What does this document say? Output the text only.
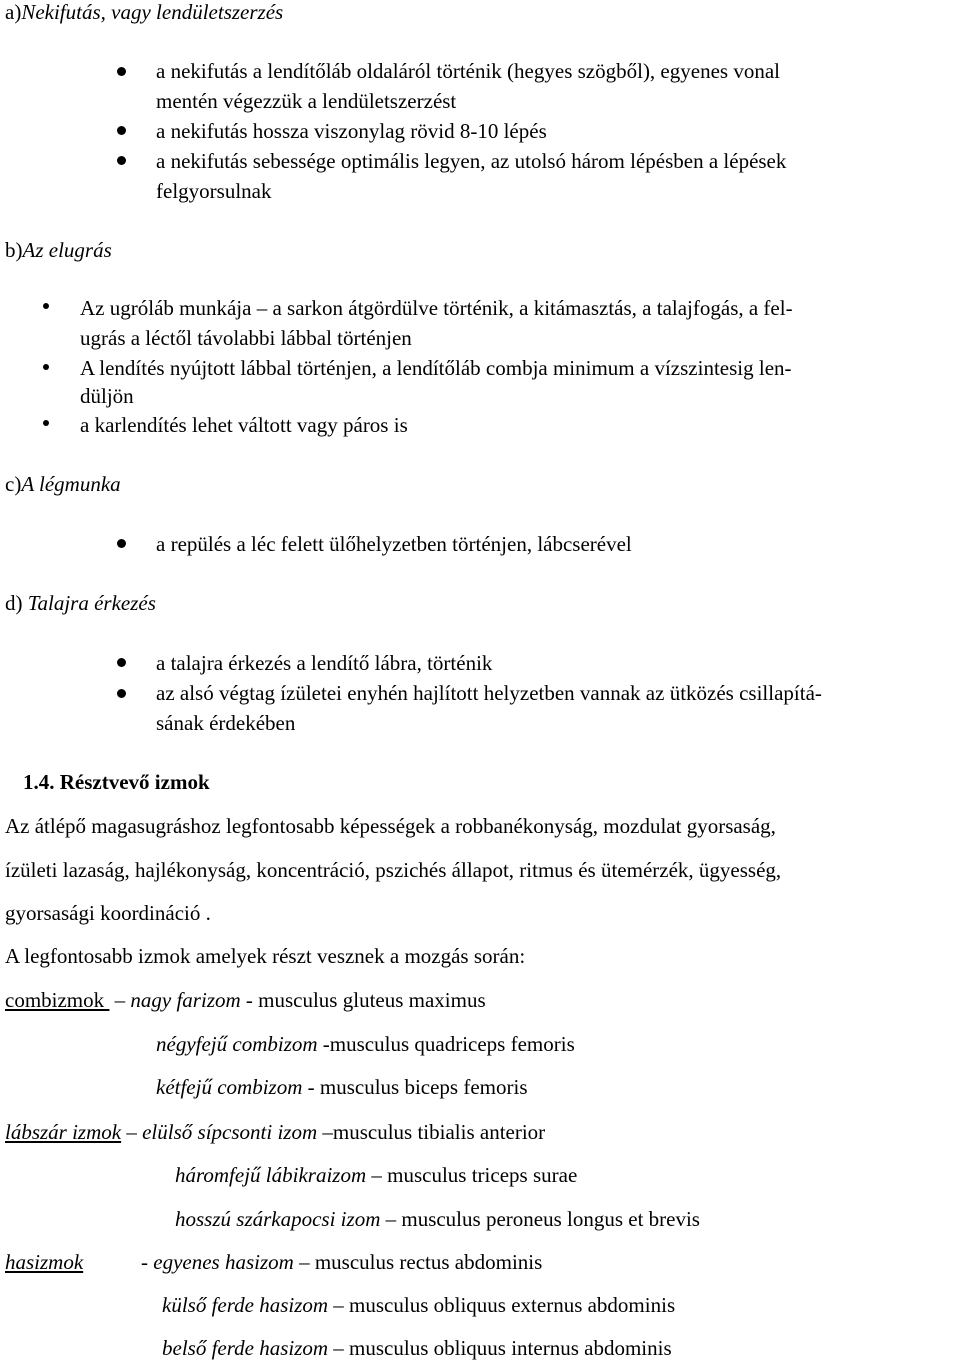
a)Nekifutás, vagy lendületszerzés
a nekifutás a lendítőláb oldaláról történik (hegyes szögből), egyenes vonal
mentén végezzük a lendületszerzést
a nekifutás hossza viszonylag rövid 8-10 lépés
a nekifutás sebessége optimális legyen, az utolsó három lépésben a lépések
felgyorsulnak
b)Az elugrás
Az ugróláb munkája – a sarkon átgördülve történik, a kitámasztás, a talajfogás, a fel-
ugrás a léctől távolabbi lábbal történjen
A lendítés nyújtott lábbal történjen, a lendítőláb combja minimum a vízszintesig len-
düljön
a karlendítés lehet váltott vagy páros is
c)A légmunka
a repülés a léc felett ülőhelyzetben történjen, lábcserével
d) Talajra érkezés
a talajra érkezés a lendítő lábra, történik
az alsó végtag ízületei enyhén hajlított helyzetben vannak az ütközés csillapítá-
sának érdekében
1.4. Résztvevő izmok
Az átlépő magasugráshoz legfontosabb képességek a robbanékonyság, mozdulat gyorsaság,
ízületi lazaság, hajlékonyság, koncentráció, pszichés állapot, ritmus és ütemérzék, ügyesség,
gyorsasági koordináció .
A legfontosabb izmok amelyek részt vesznek a mozgás során:
combizmok  – nagy farizom - musculus gluteus maximus
négyfejű combizom -musculus quadriceps femoris
kétfejű combizom - musculus biceps femoris
lábszár izmok – elülső sípcsonti izom –musculus tibialis anterior
háromfejű lábikraizom – musculus triceps surae
hosszú szárkapocsi izom – musculus peroneus longus et brevis
hasizmok	- egyenes hasizom – musculus rectus abdominis
külső ferde hasizom – musculus obliquus externus abdominis
belső ferde hasizom – musculus obliquus internus abdominis
